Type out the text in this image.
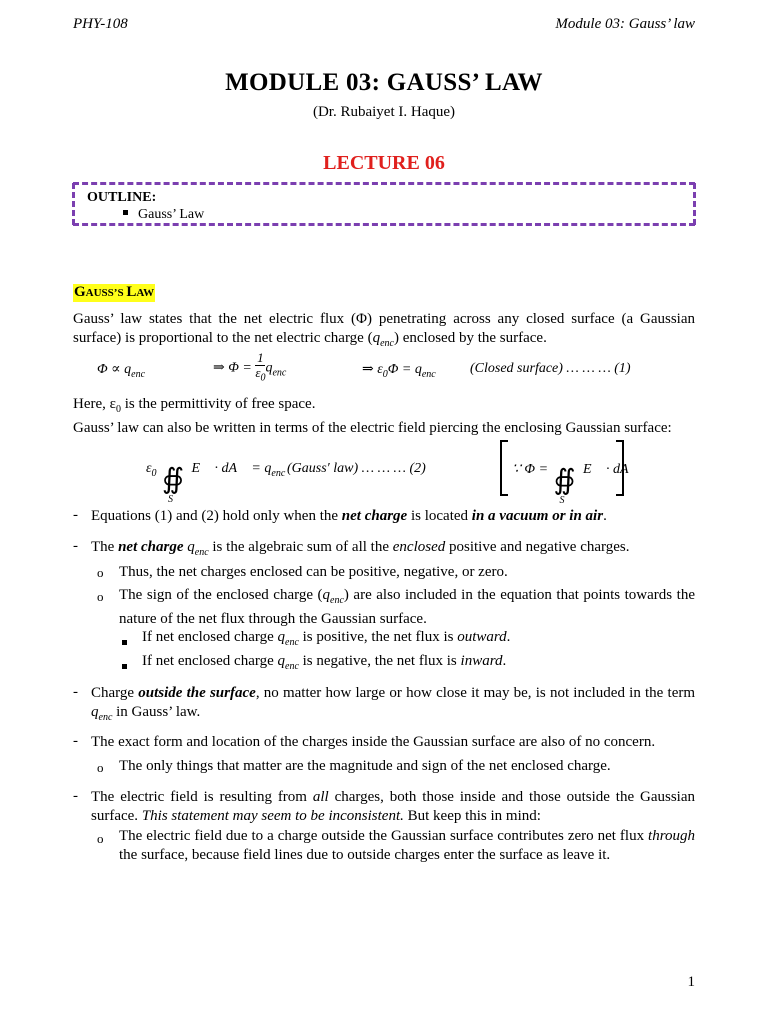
PHY-108	Module 03: Gauss’ law
MODULE 03: GAUSS’ LAW
(Dr. Rubaiyet I. Haque)
LECTURE 06
OUTLINE:
Gauss’ Law
GAUSS’S LAW
Gauss’ law states that the net electric flux (Φ) penetrating across any closed surface (a Gaussian surface) is proportional to the net electric charge $(q_{enc})$ enclosed by the surface.
$\Phi \propto q_{enc}$	⇒ $\Phi = \frac{1}{\varepsilon_0} q_{enc}$	⇒ $\varepsilon_0\Phi = q_{enc}$ (Closed surface) … … … (1)
Here, $\varepsilon_0$ is the permittivity of free space.
Gauss’ law can also be written in terms of the electric field piercing the enclosing Gaussian surface:
$\varepsilon_0$ ∯
S
E⃗ · dA⃗ = $q_{enc}$ (Gauss′ law) … … … (2)	∵ Φ = ∯
S
E⃗ · dA⃗
- Equations (1) and (2) hold only when the net charge is located in a vacuum or in air.
- The net charge $q_{enc}$ is the algebraic sum of all the enclosed positive and negative charges.
o Thus, the net charges enclosed can be positive, negative, or zero.
o The sign of the enclosed charge $(q_{enc})$ are also included in the equation that points towards the nature of the net flux through the Gaussian surface.
If net enclosed charge $q_{enc}$ is positive, the net flux is outward.
If net enclosed charge $q_{enc}$ is negative, the net flux is inward.
- Charge outside the surface, no matter how large or how close it may be, is not included in the term $q_{enc}$ in Gauss’ law.
- The exact form and location of the charges inside the Gaussian surface are also of no concern.
o The only things that matter are the magnitude and sign of the net enclosed charge.
- The electric field is resulting from all charges, both those inside and those outside the Gaussian surface. This statement may seem to be inconsistent. But keep this in mind:
o The electric field due to a charge outside the Gaussian surface contributes zero net flux through the surface, because field lines due to outside charges enter the surface as leave it.
1
